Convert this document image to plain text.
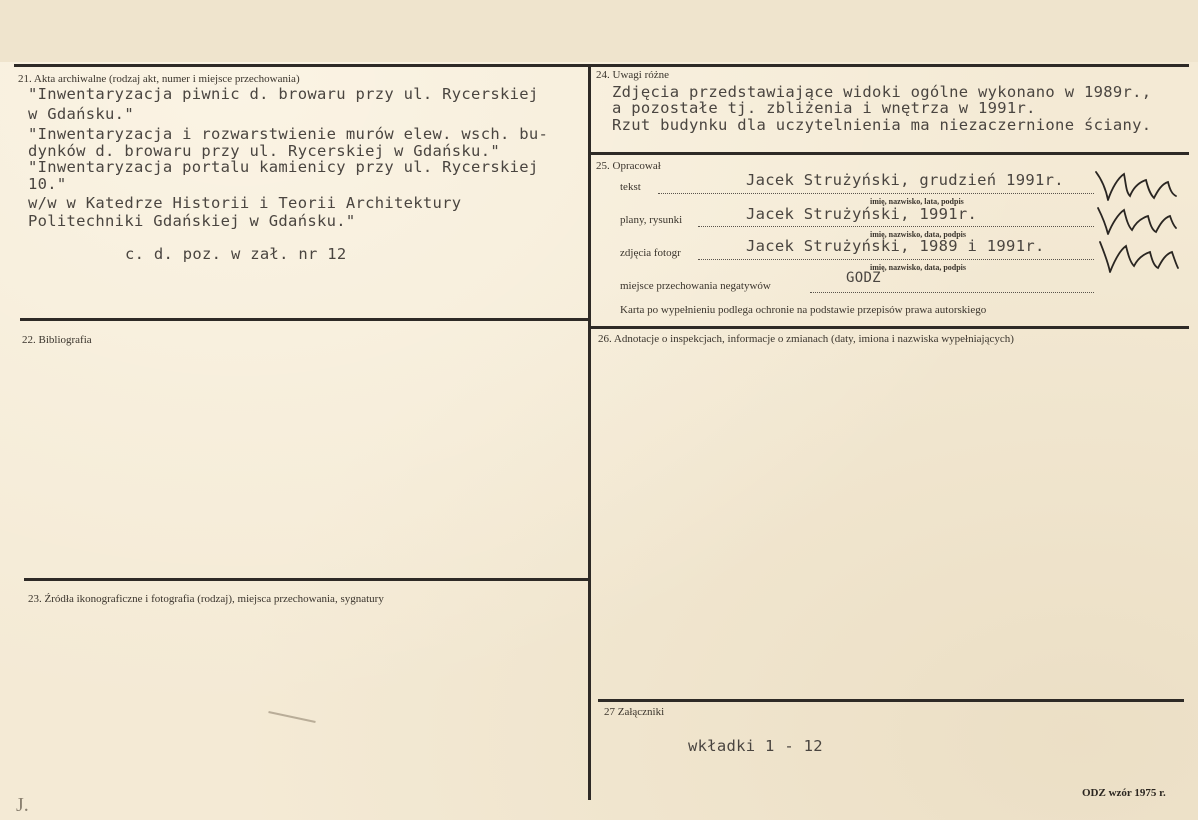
21. Akta archiwalne (rodzaj akt, numer i miejsce przechowania)
"Inwentaryzacja piwnic d. browaru przy ul. Rycerskiej
w Gdańsku."
"Inwentaryzacja i rozwarstwienie murów elew. wsch. bu-
dynków d. browaru przy ul. Rycerskiej w Gdańsku."
"Inwentaryzacja portalu kamienicy przy ul. Rycerskiej
10."
w/w w Katedrze Historii i Teorii Architektury
Politechniki Gdańskiej w Gdańsku."
c. d. poz. w zał. nr 12
22. Bibliografia
23. Źródła ikonograficzne i fotografia (rodzaj), miejsca przechowania, sygnatury
J.
24. Uwagi różne
Zdjęcia przedstawiające widoki ogólne wykonano w 1989r.,
a pozostałe tj. zbliżenia i wnętrza w 1991r.
Rzut budynku dla uczytelnienia ma niezaczernione ściany.
25. Opracował
tekst	Jacek Strużyński, grudzień 1991r.
imię, nazwisko, lata, podpis
plany, rysunki	Jacek Strużyński, 1991r.
imię, nazwisko, data, podpis
zdjęcia fotogr	Jacek Strużyński, 1989 i 1991r.
imię, nazwisko, data, podpis
miejsce przechowania negatywów	GODZ
Karta po wypełnieniu podlega ochronie na podstawie przepisów prawa autorskiego
26. Adnotacje o inspekcjach, informacje o zmianach (daty, imiona i nazwiska wypełniających)
27 Załączniki
wkładki 1 - 12
ODZ wzór 1975 r.
